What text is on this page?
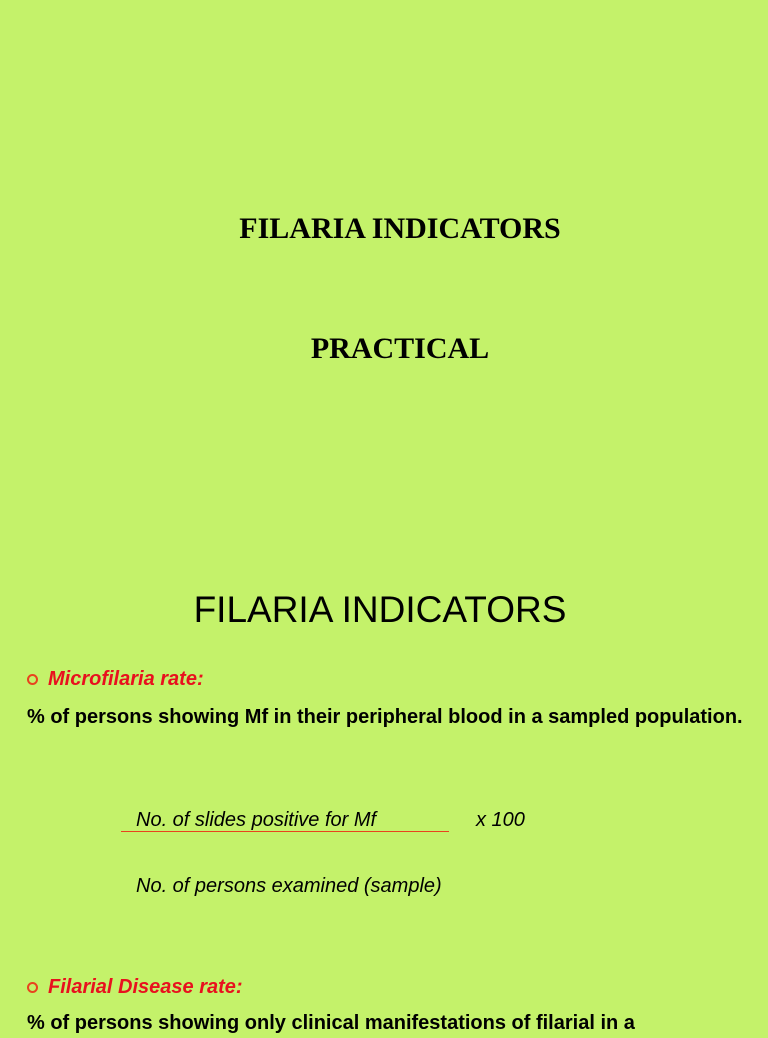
FILARIA INDICATORS
PRACTICAL
FILARIA INDICATORS
Microfilaria rate:
% of persons showing Mf in their peripheral blood in a sampled population.
No. of slides positive for Mf	x 100
No. of persons examined (sample)
Filarial Disease rate:
% of persons showing only clinical manifestations of filarial in a
